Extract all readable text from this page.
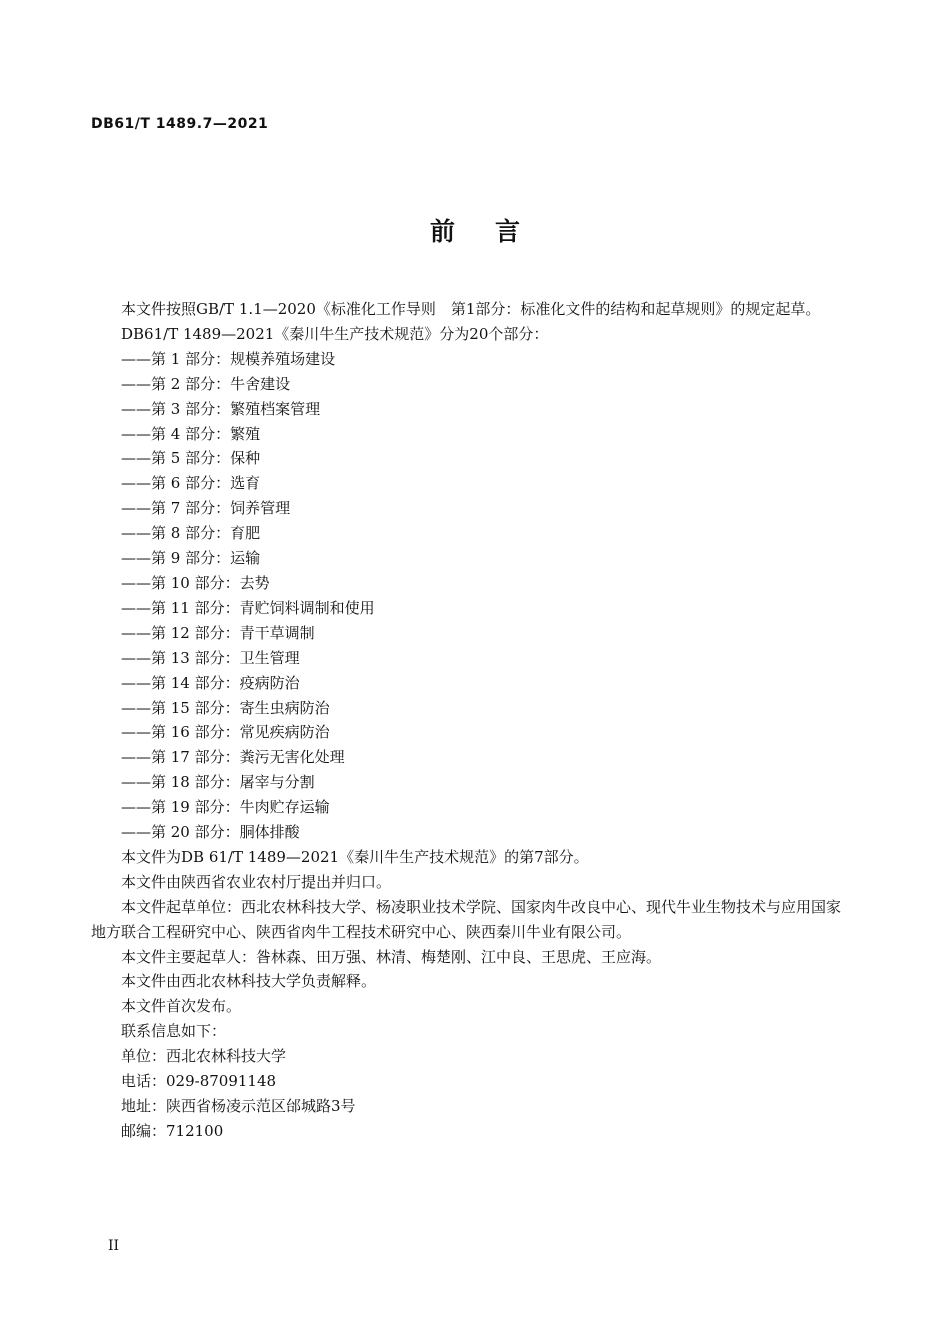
DB61/T 1489.7—2021
前言

本文件按照GB/T 1.1—2020《标准化工作导则　第1部分：标准化文件的结构和起草规则》的规定起草。

DB61/T 1489—2021《秦川牛生产技术规范》分为20个部分：

——第 1 部分：规模养殖场建设

——第 2 部分：牛舍建设

——第 3 部分：繁殖档案管理

——第 4 部分：繁殖

——第 5 部分：保种

——第 6 部分：选育

——第 7 部分：饲养管理

——第 8 部分：育肥

——第 9 部分：运输

——第 10 部分：去势

——第 11 部分：青贮饲料调制和使用

——第 12 部分：青干草调制

——第 13 部分：卫生管理

——第 14 部分：疫病防治

——第 15 部分：寄生虫病防治

——第 16 部分：常见疾病防治

——第 17 部分：粪污无害化处理

——第 18 部分：屠宰与分割

——第 19 部分：牛肉贮存运输

——第 20 部分：胴体排酸

本文件为DB 61/T 1489—2021《秦川牛生产技术规范》的第7部分。

本文件由陕西省农业农村厅提出并归口。

本文件起草单位：西北农林科技大学、杨凌职业技术学院、国家肉牛改良中心、现代牛业生物技术与应用国家地方联合工程研究中心、陕西省肉牛工程技术研究中心、陕西秦川牛业有限公司。

本文件主要起草人：昝林森、田万强、林清、梅楚刚、江中良、王思虎、王应海。

本文件由西北农林科技大学负责解释。

本文件首次发布。

联系信息如下：

单位：西北农林科技大学

电话：029-87091148

地址：陕西省杨凌示范区邰城路3号

邮编：712100

II
